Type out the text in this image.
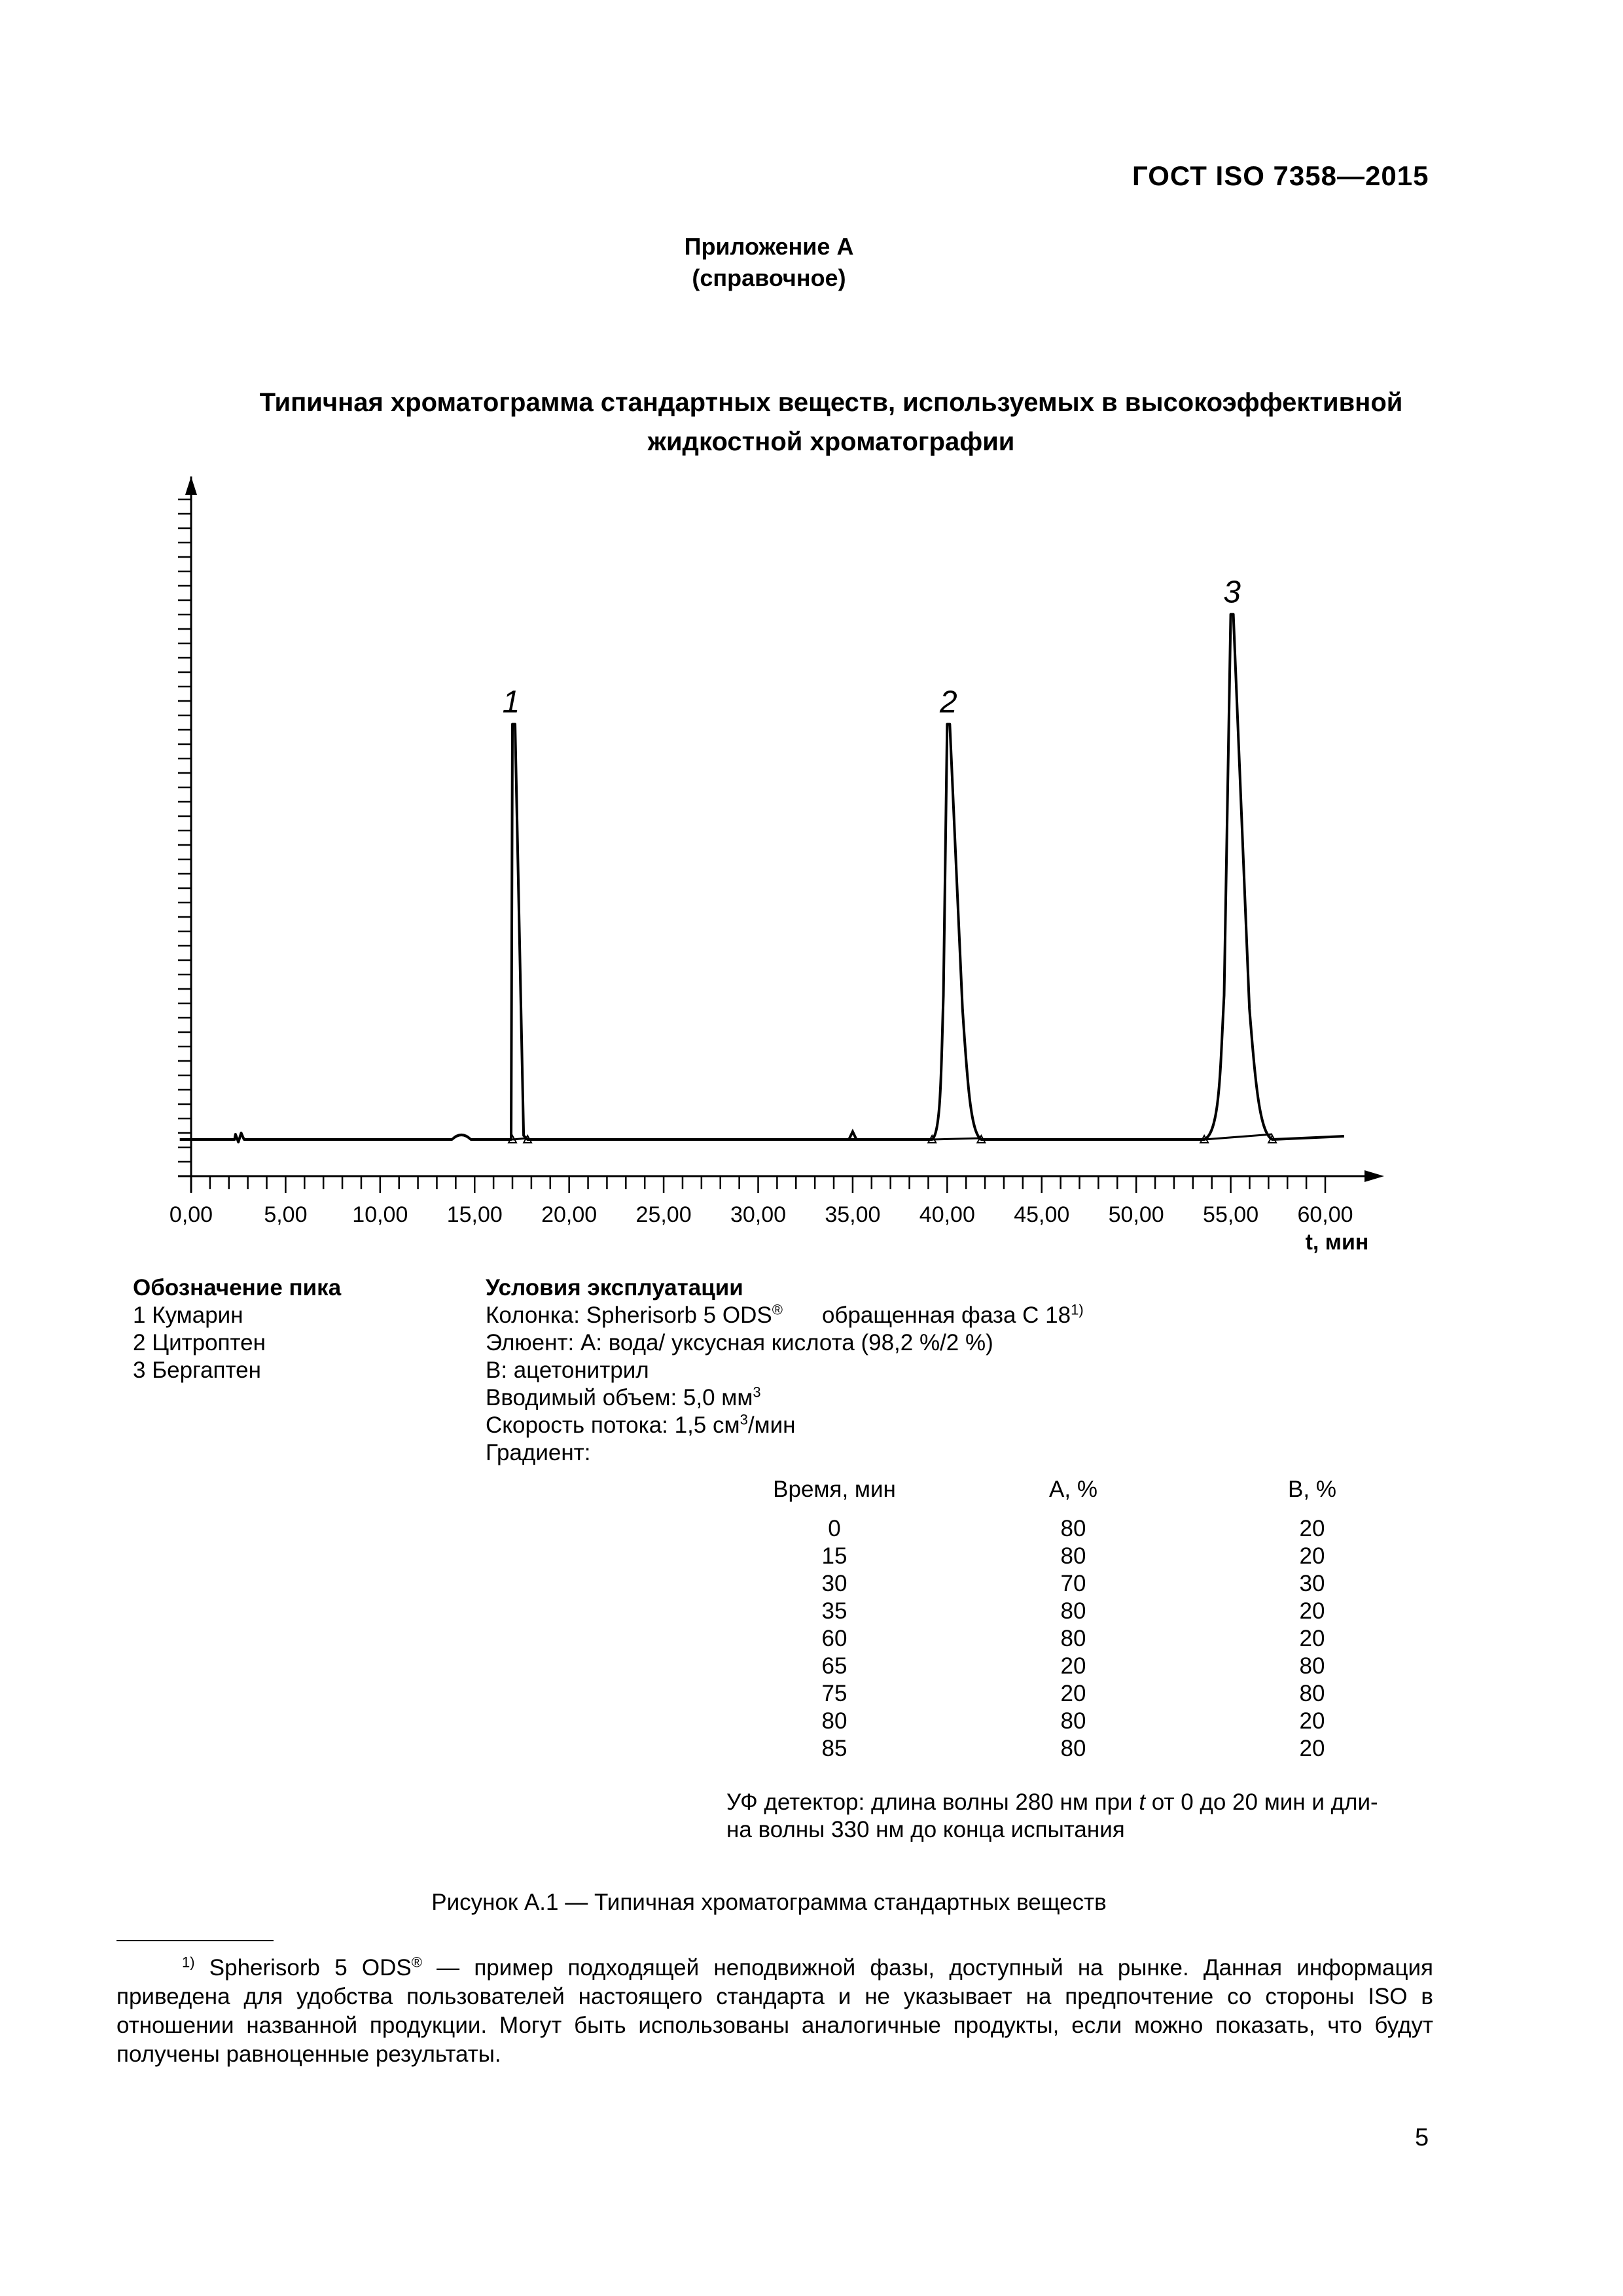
ГОСТ ISO 7358—2015
Приложение А
(справочное)
Типичная хроматограмма стандартных веществ, используемых в высокоэффективной
жидкостной хроматографии
0,00 5,00 10,00 15,00 20,00 25,00 30,00 35,00 40,00 45,00 50,00 55,00 60,00
t, мин
1	2
3
Обозначение пика
1 Кумарин
2 Цитроптен
3 Бергаптен
Условия эксплуатации
Колонка: Spherisorb 5 ODS® обращенная фаза C 18$^{1)}$
Элюент: А: вода/ уксусная кислота (98,2 %/2 %)
В: ацетонитрил
Вводимый объем: 5,0 $мм^3$
Скорость потока: 1,5 $см^3$/мин
Градиент:
Время, мин	А, %	В, %
0	80	20
15	80	20
30	70	30
35	80	20
60	80	20
65	20	80
75	20	80
80	80	20
85	80	20
УФ детектор: длина волны 280 нм при t от 0 до 20 мин и дли-
на волны 330 нм до конца испытания
Рисунок А.1 — Типичная хроматограмма стандартных веществ
$^{1)}$ Spherisorb 5 ODS® — пример подходящей неподвижной фазы, доступный на рынке. Данная информация приведена для удобства пользователей настоящего стандарта и не указывает на предпочтение со стороны ISO в отношении названной продукции. Могут быть использованы аналогичные продукты, если можно показать, что будут получены равноценные результаты.
5
